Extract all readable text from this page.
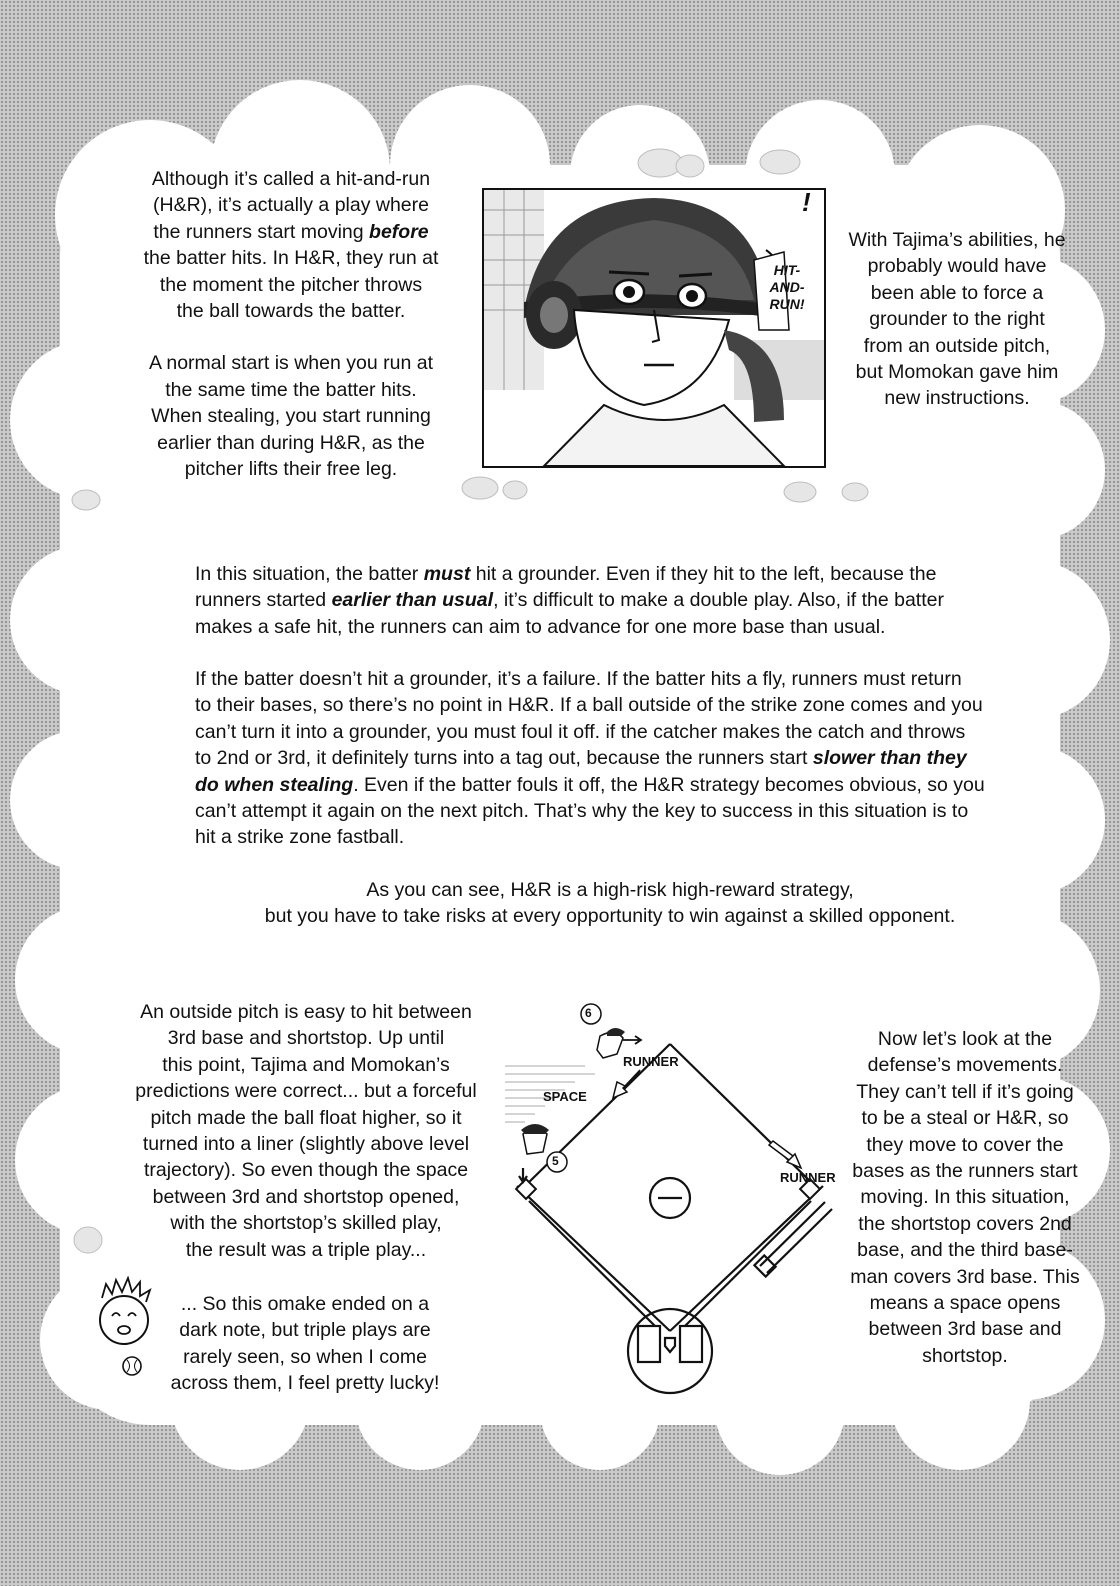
Although it’s called a hit-and-run
(H&R), it’s actually a play where
the runners start moving before
the batter hits. In H&R, they run at
the moment the pitcher throws
the ball towards the batter.
A normal start is when you run at
the same time the batter hits.
When stealing, you start running
earlier than during H&R, as the
pitcher lifts their free leg.
!
HIT-
AND-
RUN!
With Tajima’s abilities, he
probably would have
been able to force a
grounder to the right
from an outside pitch,
but Momokan gave him
new instructions.
In this situation, the batter must hit a grounder. Even if they hit to the left, because the
runners started earlier than usual, it’s difficult to make a double play. Also, if the batter
makes a safe hit, the runners can aim to advance for one more base than usual.
If the batter doesn’t hit a grounder, it’s a failure. If the batter hits a fly, runners must return
to their bases, so there’s no point in H&R. If a ball outside of the strike zone comes and you
can’t turn it into a grounder, you must foul it off. if the catcher makes the catch and throws
to 2nd or 3rd, it definitely turns into a tag out, because the runners start slower than they
do when stealing. Even if the batter fouls it off, the H&R strategy becomes obvious, so you
can’t attempt it again on the next pitch. That’s why the key to success in this situation is to
hit a strike zone fastball.
As you can see, H&R is a high-risk high-reward strategy,
but you have to take risks at every opportunity to win against a skilled opponent.
An outside pitch is easy to hit between
3rd base and shortstop. Up until
this point, Tajima and Momokan’s
predictions were correct... but a forceful
pitch made the ball float higher, so it
turned into a liner (slightly above level
trajectory). So even though the space
between 3rd and shortstop opened,
with the shortstop’s skilled play,
the result was a triple play...
... So this omake ended on a
dark note, but triple plays are
rarely seen, so when I come
across them, I feel pretty lucky!
6
5
RUNNER
RUNNER
SPACE
Now let’s look at the
defense’s movements.
They can’t tell if it’s going
to be a steal or H&R, so
they move to cover the
bases as the runners start
moving. In this situation,
the shortstop covers 2nd
base, and the third base-
man covers 3rd base. This
means a space opens
between 3rd base and
shortstop.
